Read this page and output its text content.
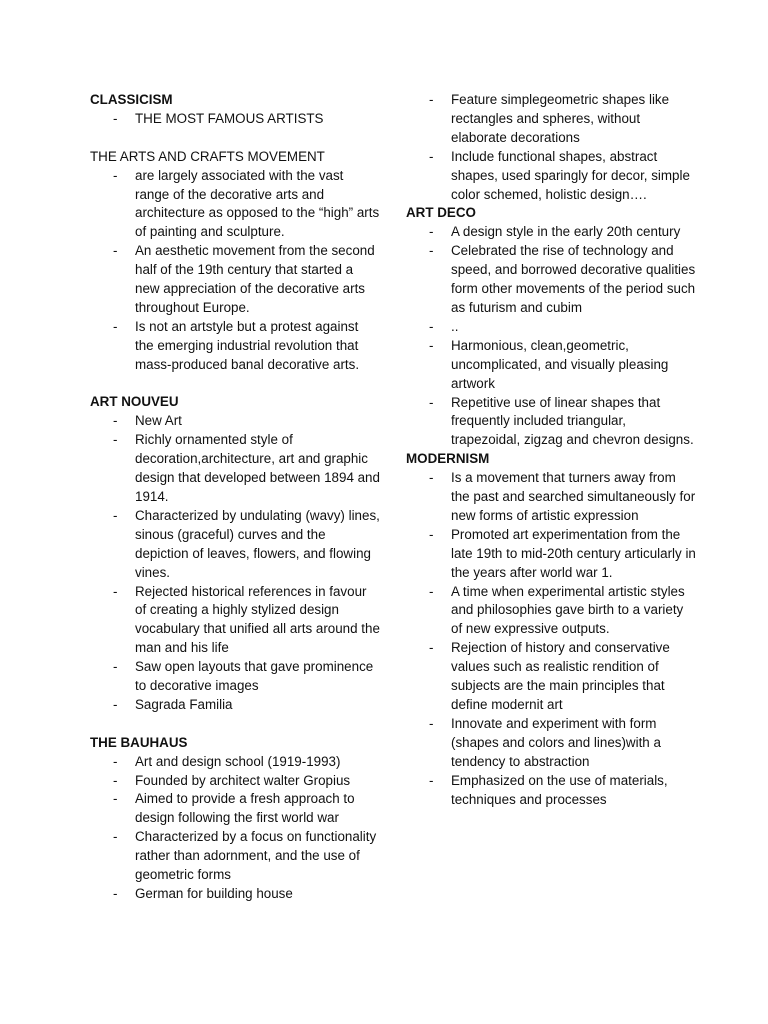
CLASSICISM

- THE MOST FAMOUS ARTISTS

THE ARTS AND CRAFTS MOVEMENT

- are largely associated with the vast range of the decorative arts and architecture as opposed to the “high” arts of painting and sculpture.
- An aesthetic movement from the second half of the 19th century that started a new appreciation of the decorative arts throughout Europe.
- Is not an artstyle but a protest against the emerging industrial revolution that mass-produced banal decorative arts.

ART NOUVEU

- New Art
- Richly ornamented style of decoration,architecture, art and graphic design that developed between 1894 and 1914.
- Characterized by undulating (wavy) lines, sinous (graceful) curves and the depiction of leaves, flowers, and flowing vines.
- Rejected historical references in favour of creating a highly stylized design vocabulary that unified all arts around the man and his life
- Saw open layouts that gave prominence to decorative images
- Sagrada Familia

THE BAUHAUS

- Art and design school (1919-1993)
- Founded by architect walter Gropius
- Aimed to provide a fresh approach to design following the first world war
- Characterized by a focus on functionality rather than adornment, and the use of geometric forms
- German for building house
- Feature simplegeometric shapes like rectangles and spheres, without elaborate decorations
- Include functional shapes, abstract shapes, used sparingly for decor, simple color schemed, holistic design….

ART DECO

- A design style in the early 20th century
- Celebrated the rise of technology and speed, and borrowed decorative qualities form other movements of the period such as futurism and cubim
- ..
- Harmonious, clean,geometric, uncomplicated, and visually pleasing artwork
- Repetitive use of linear shapes that frequently included triangular, trapezoidal, zigzag and chevron designs.

MODERNISM

- Is a movement that turners away from the past and searched simultaneously for new forms of artistic expression
- Promoted art experimentation from the late 19th to mid-20th century articularly in the years after world war 1.
- A time when experimental artistic styles and philosophies gave birth to a variety of new expressive outputs.
- Rejection of history and conservative values such as realistic rendition of subjects are the main principles that define modernit art
- Innovate and experiment with form (shapes and colors and lines)with a tendency to abstraction
- Emphasized on the use of materials, techniques and processes
